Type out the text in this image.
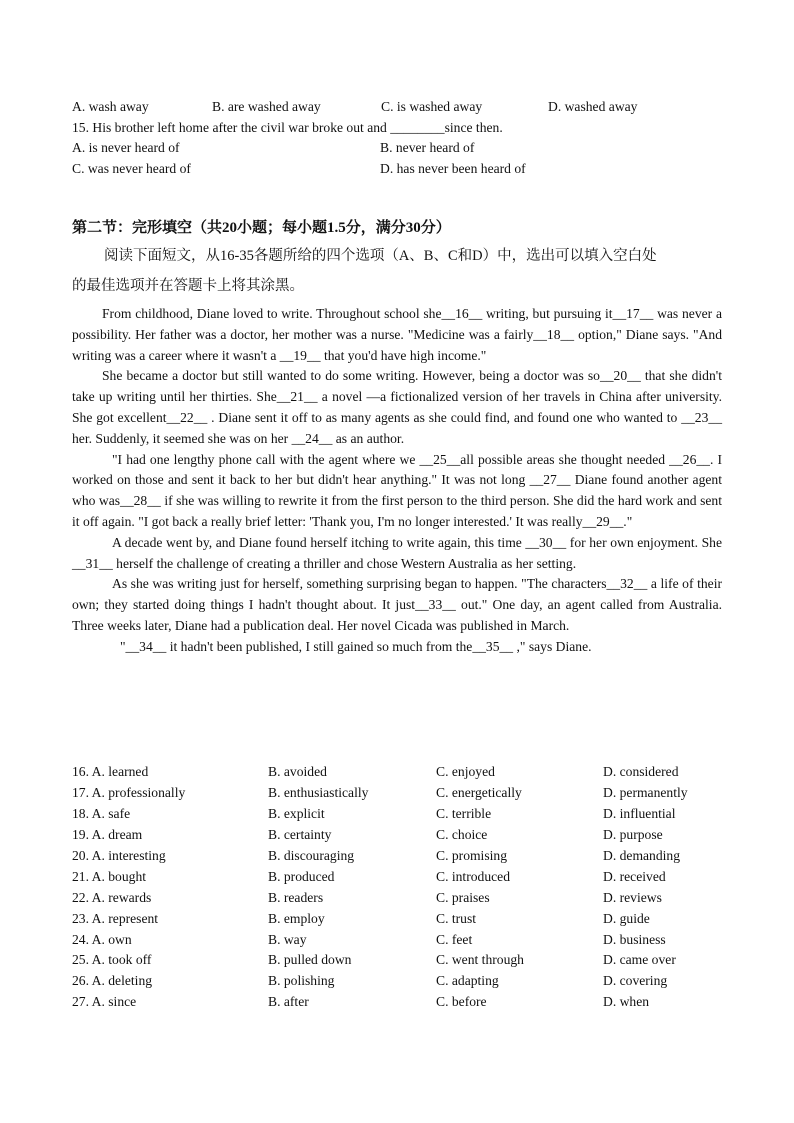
A. wash away	B. are washed away	C. is washed away	D. washed away
15. His brother left home after the civil war broke out and ________since then.
A. is never heard of	B. never heard of
C. was never heard of	D. has never been heard of
第二节：完形填空（共20小题；每小题1.5分，满分30分）
阅读下面短文，从16-35各题所给的四个选项（A、B、C和D）中，选出可以填入空白处
的最佳选项并在答题卡上将其涂黑。

From childhood, Diane loved to write. Throughout school she__16__ writing, but pursuing it__17__ was never a possibility. Her father was a doctor, her mother was a nurse. "Medicine was a fairly__18__ option," Diane says. "And writing was a career where it wasn't a __19__ that you'd have high income."

She became a doctor but still wanted to do some writing. However, being a doctor was so__20__ that she didn't take up writing until her thirties. She__21__ a novel —a fictionalized version of her travels in China after university. She got excellent__22__ . Diane sent it off to as many agents as she could find, and found one who wanted to __23__ her. Suddenly, it seemed she was on her __24__ as an author.

"I had one lengthy phone call with the agent where we __25__all possible areas she thought needed __26__. I worked on those and sent it back to her but didn't hear anything." It was not long __27__ Diane found another agent who was__28__ if she was willing to rewrite it from the first person to the third person. She did the hard work and sent it off again. "I got back a really brief letter: 'Thank you, I'm no longer interested.' It was really__29__."

A decade went by, and Diane found herself itching to write again, this time __30__ for her own enjoyment. She __31__ herself the challenge of creating a thriller and chose Western Australia as her setting.

As she was writing just for herself, something surprising began to happen. "The characters__32__ a life of their own; they started doing things I hadn't thought about. It just__33__ out." One day, an agent called from Australia. Three weeks later, Diane had a publication deal. Her novel Cicada was published in March.

"__34__ it hadn't been published, I still gained so much from the__35__ ," says Diane.

16. A. learned	B. avoided	C. enjoyed	D. considered
17. A. professionally	B. enthusiastically	C. energetically	D. permanently
18. A. safe	B. explicit	C. terrible	D. influential
19. A. dream	B. certainty	C. choice	D. purpose
20. A. interesting	B. discouraging	C. promising	D. demanding
21. A. bought	B. produced	C. introduced	D. received
22. A. rewards	B. readers	C. praises	D. reviews
23. A. represent	B. employ	C. trust	D. guide
24. A. own	B. way	C. feet	D. business
25. A. took off	B. pulled down	C. went through	D. came over
26. A. deleting	B. polishing	C. adapting	D. covering
27. A. since	B. after	C. before	D. when
